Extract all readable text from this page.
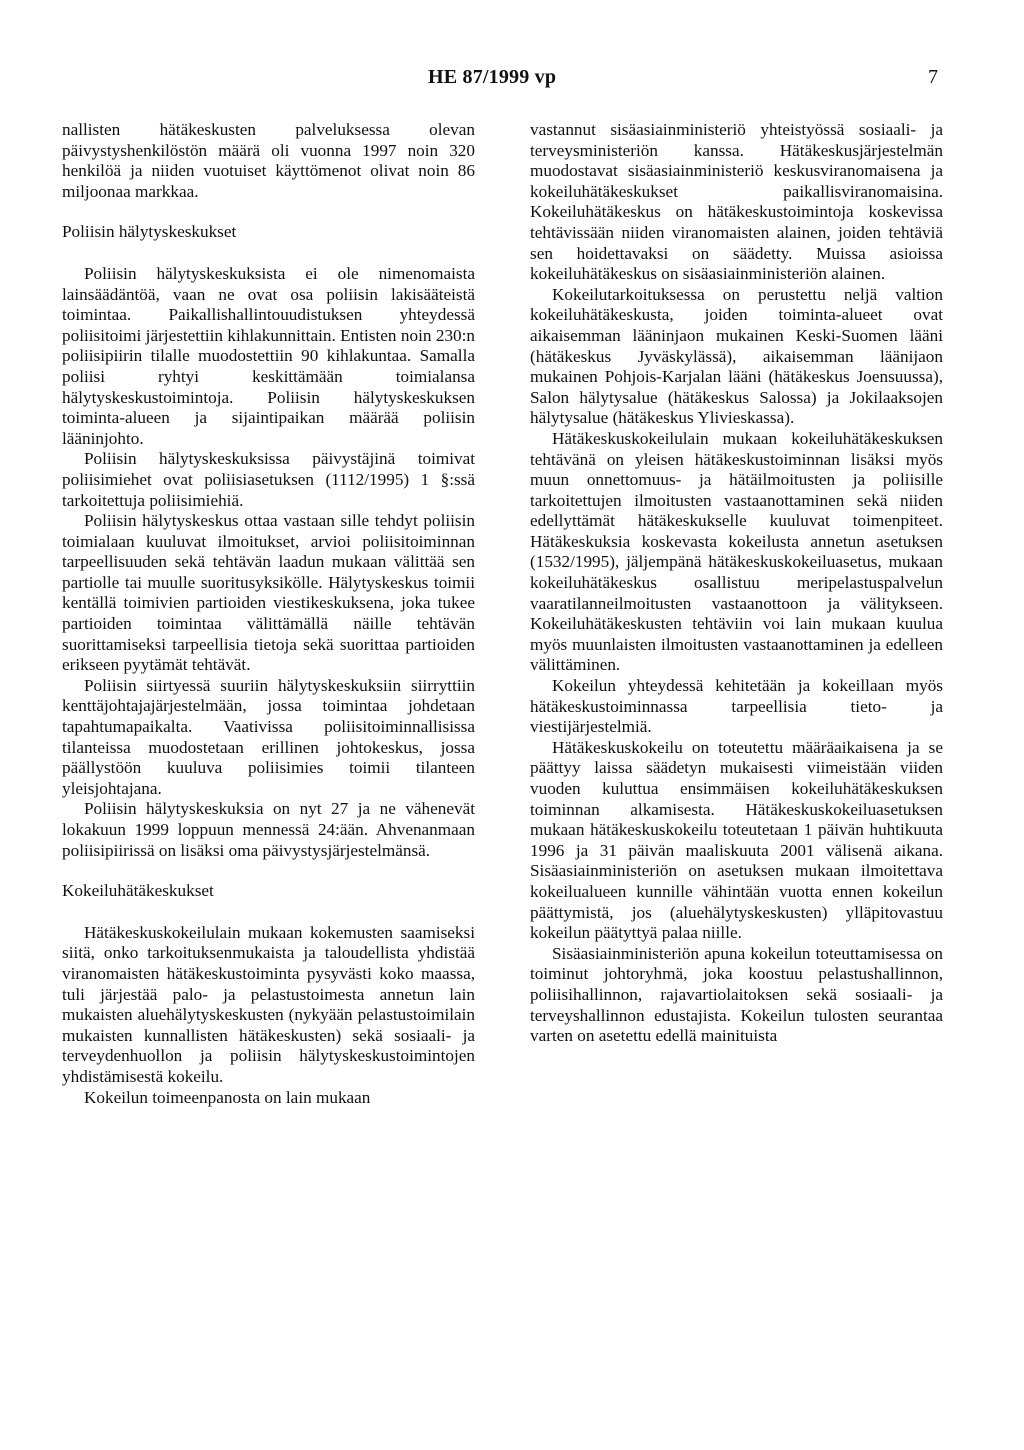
HE 87/1999 vp	7

nallisten hätäkeskusten palveluksessa olevan päivystyshenkilöstön määrä oli vuonna 1997 noin 320 henkilöä ja niiden vuotuiset käyttömenot olivat noin 86 miljoonaa markkaa.

Poliisin hälytyskeskukset

Poliisin hälytyskeskuksista ei ole nimenomaista lainsäädäntöä, vaan ne ovat osa poliisin lakisääteistä toimintaa. Paikallishallintouudistuksen yhteydessä poliisitoimi järjestettiin kihlakunnittain. Entisten noin 230:n poliisipiirin tilalle muodostettiin 90 kihlakuntaa. Samalla poliisi ryhtyi keskittämään toimialansa hälytyskeskustoimintoja. Poliisin hälytyskeskuksen toiminta-alueen ja sijaintipaikan määrää poliisin lääninjohto.

Poliisin hälytyskeskuksissa päivystäjinä toimivat poliisimiehet ovat poliisiasetuksen (1112/1995) 1 §:ssä tarkoitettuja poliisimiehiä.

Poliisin hälytyskeskus ottaa vastaan sille tehdyt poliisin toimialaan kuuluvat ilmoitukset, arvioi poliisitoiminnan tarpeellisuuden sekä tehtävän laadun mukaan välittää sen partiolle tai muulle suoritusyksikölle. Hälytyskeskus toimii kentällä toimivien partioiden viestikeskuksena, joka tukee partioiden toimintaa välittämällä näille tehtävän suorittamiseksi tarpeellisia tietoja sekä suorittaa partioiden erikseen pyytämät tehtävät.

Poliisin siirtyessä suuriin hälytyskeskuksiin siirryttiin kenttäjohtajajärjestelmään, jossa toimintaa johdetaan tapahtumapaikalta. Vaativissa poliisitoiminnallisissa tilanteissa muodostetaan erillinen johtokeskus, jossa päällystöön kuuluva poliisimies toimii tilanteen yleisjohtajana.

Poliisin hälytyskeskuksia on nyt 27 ja ne vähenevät lokakuun 1999 loppuun mennessä 24:ään. Ahvenanmaan poliisipiirissä on lisäksi oma päivystysjärjestelmänsä.

Kokeiluhätäkeskukset

Hätäkeskuskokeilulain mukaan kokemusten saamiseksi siitä, onko tarkoituksenmukaista ja taloudellista yhdistää viranomaisten hätäkeskustoiminta pysyvästi koko maassa, tuli järjestää palo- ja pelastustoimesta annetun lain mukaisten aluehälytyskeskusten (nykyään pelastustoimilain mukaisten kunnallisten hätäkeskusten) sekä sosiaali- ja terveydenhuollon ja poliisin hälytyskeskustoimintojen yhdistämisestä kokeilu.

Kokeilun toimeenpanosta on lain mukaan

vastannut sisäasiainministeriö yhteistyössä sosiaali- ja terveysministeriön kanssa. Hätäkeskusjärjestelmän muodostavat sisäasiainministeriö keskusviranomaisena ja kokeiluhätäkeskukset paikallisviranomaisina. Kokeiluhätäkeskus on hätäkeskustoimintoja koskevissa tehtävissään niiden viranomaisten alainen, joiden tehtäviä sen hoidettavaksi on säädetty. Muissa asioissa kokeiluhätäkeskus on sisäasiainministeriön alainen.

Kokeilutarkoituksessa on perustettu neljä valtion kokeiluhätäkeskusta, joiden toiminta-alueet ovat aikaisemman lääninjaon mukainen Keski-Suomen lääni (hätäkeskus Jyväskylässä), aikaisemman läänijaon mukainen Pohjois-Karjalan lääni (hätäkeskus Joensuussa), Salon hälytysalue (hätäkeskus Salossa) ja Jokilaaksojen hälytysalue (hätäkeskus Ylivieskassa).

Hätäkeskuskokeilulain mukaan kokeiluhätäkeskuksen tehtävänä on yleisen hätäkeskustoiminnan lisäksi myös muun onnettomuus- ja hätäilmoitusten ja poliisille tarkoitettujen ilmoitusten vastaanottaminen sekä niiden edellyttämät hätäkeskukselle kuuluvat toimenpiteet. Hätäkeskuksia koskevasta kokeilusta annetun asetuksen (1532/1995), jäljempänä hätäkeskuskokeiluasetus, mukaan kokeiluhätäkeskus osallistuu meripelastuspalvelun vaaratilanneilmoitusten vastaanottoon ja välitykseen. Kokeiluhätäkeskusten tehtäviin voi lain mukaan kuulua myös muunlaisten ilmoitusten vastaanottaminen ja edelleen välittäminen.

Kokeilun yhteydessä kehitetään ja kokeillaan myös hätäkeskustoiminnassa tarpeellisia tieto- ja viestijärjestelmiä.

Hätäkeskuskokeilu on toteutettu määräaikaisena ja se päättyy laissa säädetyn mukaisesti viimeistään viiden vuoden kuluttua ensimmäisen kokeiluhätäkeskuksen toiminnan alkamisesta. Hätäkeskuskokeiluasetuksen mukaan hätäkeskuskokeilu toteutetaan 1 päivän huhtikuuta 1996 ja 31 päivän maaliskuuta 2001 välisenä aikana. Sisäasiainministeriön on asetuksen mukaan ilmoitettava kokeilualueen kunnille vähintään vuotta ennen kokeilun päättymistä, jos (aluehälytyskeskusten) ylläpitovastuu kokeilun päätyttyä palaa niille.

Sisäasiainministeriön apuna kokeilun toteuttamisessa on toiminut johtoryhmä, joka koostuu pelastushallinnon, poliisihallinnon, rajavartiolaitoksen sekä sosiaali- ja terveyshallinnon edustajista. Kokeilun tulosten seurantaa varten on asetettu edellä mainituista
